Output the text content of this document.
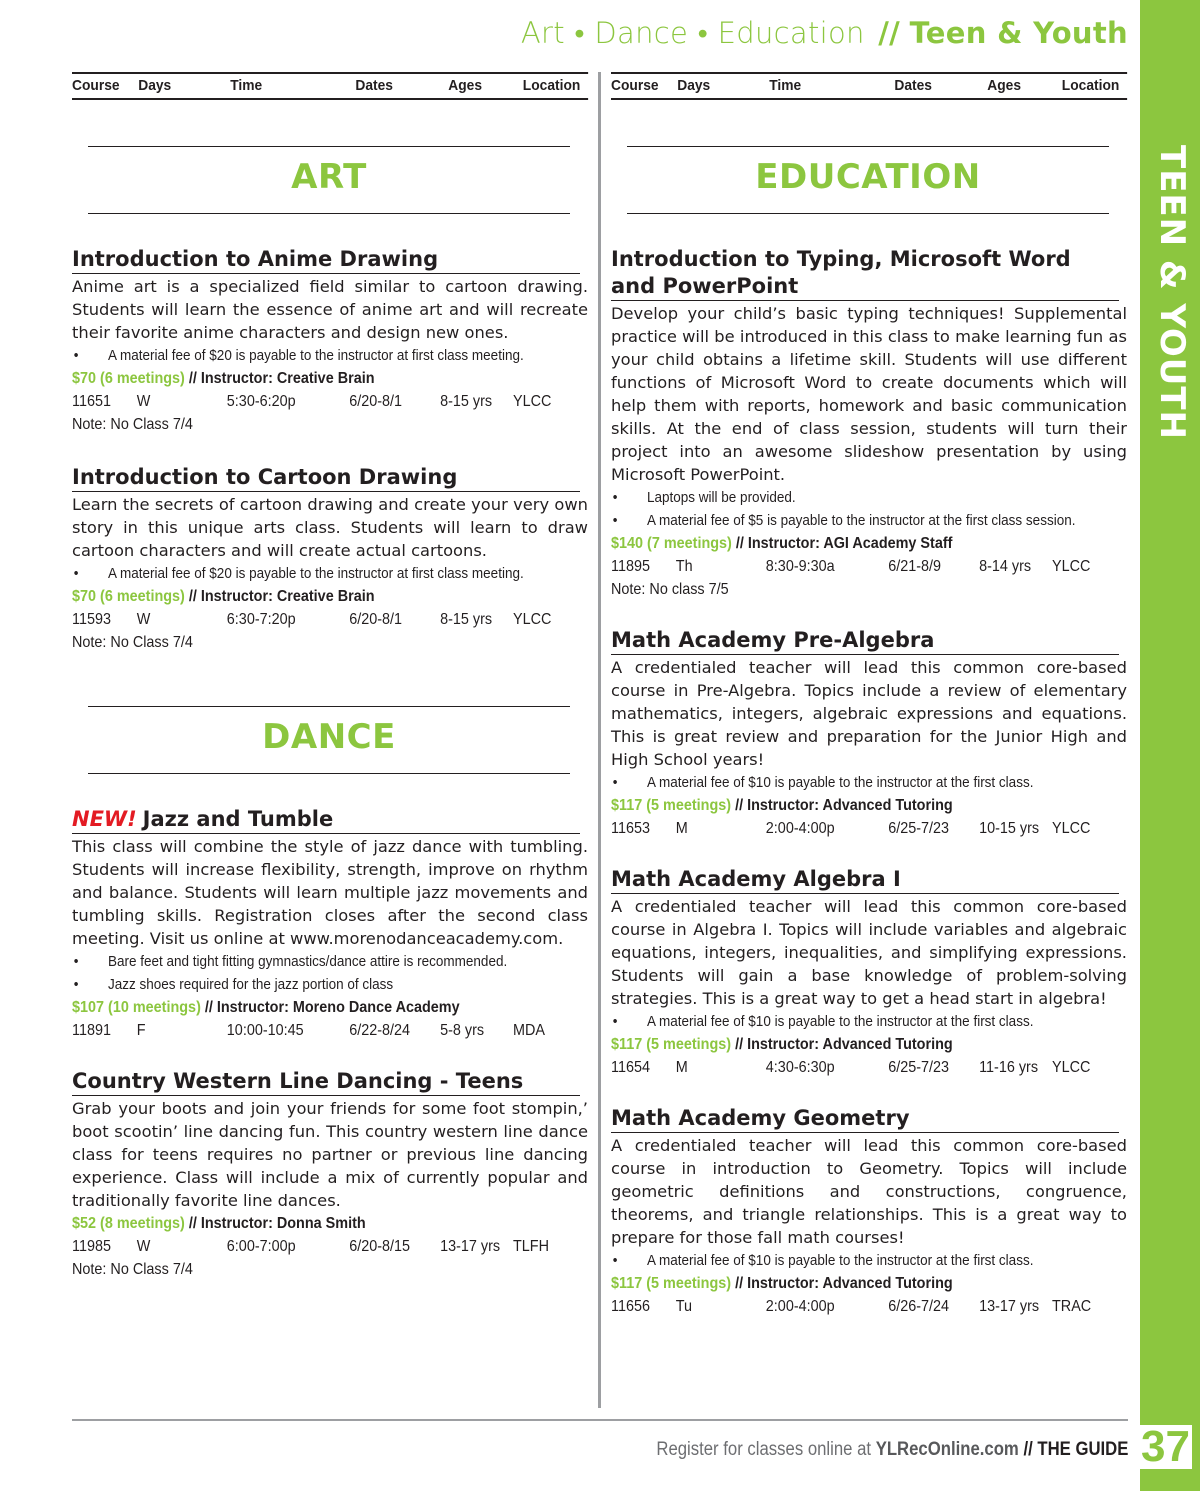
Art • Dance • Education // Teen & Youth
TEEN & YOUTH
37
Course	Days	Time	Dates	Ages	Location
ART
Introduction to Anime Drawing
Anime art is a specialized field similar to cartoon drawing. Students will learn the essence of anime art and will recreate their favorite anime characters and design new ones.
•	A material fee of $20 is payable to the instructor at first class meeting.
$70 (6 meetings) // Instructor: Creative Brain
11651	W	5:30-6:20p	6/20-8/1	8-15 yrs	YLCC
Note: No Class 7/4
Introduction to Cartoon Drawing
Learn the secrets of cartoon drawing and create your very own story in this unique arts class. Students will learn to draw cartoon characters and will create actual cartoons.
•	A material fee of $20 is payable to the instructor at first class meeting.
$70 (6 meetings) // Instructor: Creative Brain
11593	W	6:30-7:20p	6/20-8/1	8-15 yrs	YLCC
Note: No Class 7/4
DANCE
NEW! Jazz and Tumble
This class will combine the style of jazz dance with tumbling. Students will increase flexibility, strength, improve on rhythm and balance. Students will learn multiple jazz movements and tumbling skills. Registration closes after the second class meeting. Visit us online at www.morenodanceacademy.com.
•	Bare feet and tight fitting gymnastics/dance attire is recommended.
•	Jazz shoes required for the jazz portion of class
$107 (10 meetings) // Instructor: Moreno Dance Academy
11891	F	10:00-10:45	6/22-8/24	5-8 yrs	MDA
Country Western Line Dancing - Teens
Grab your boots and join your friends for some foot stompin,’ boot scootin’ line dancing fun. This country western line dance class for teens requires no partner or previous line dancing experience. Class will include a mix of currently popular and traditionally favorite line dances.
$52 (8 meetings) // Instructor: Donna Smith
11985	W	6:00-7:00p	6/20-8/15	13-17 yrs TLFH
Note: No Class 7/4
Course	Days	Time	Dates	Ages	Location
EDUCATION
Introduction to Typing, Microsoft Word
and PowerPoint
Develop your child’s basic typing techniques! Supplemental practice will be introduced in this class to make learning fun as your child obtains a lifetime skill. Students will use different functions of Microsoft Word to create documents which will help them with reports, homework and basic communication skills. At the end of class session, students will turn their project into an awesome slideshow presentation by using Microsoft PowerPoint.
•	Laptops will be provided.
•	A material fee of $5 is payable to the instructor at the first class session.
$140 (7 meetings) // Instructor: AGI Academy Staff
11895	Th	8:30-9:30a	6/21-8/9	8-14 yrs	YLCC
Note: No class 7/5
Math Academy Pre-Algebra
A credentialed teacher will lead this common core-based course in Pre-Algebra. Topics include a review of elementary mathematics, integers, algebraic expressions and equations. This is great review and preparation for the Junior High and High School years!
•	A material fee of $10 is payable to the instructor at the first class.
$117 (5 meetings) // Instructor: Advanced Tutoring
11653	M	2:00-4:00p	6/25-7/23	10-15 yrs YLCC
Math Academy Algebra I
A credentialed teacher will lead this common core-based course in Algebra I. Topics will include variables and algebraic equations, integers, inequalities, and simplifying expressions. Students will gain a base knowledge of problem-solving strategies. This is a great way to get a head start in algebra!
•	A material fee of $10 is payable to the instructor at the first class.
$117 (5 meetings) // Instructor: Advanced Tutoring
11654	M	4:30-6:30p	6/25-7/23	11-16 yrs YLCC
Math Academy Geometry
A credentialed teacher will lead this common core-based course in introduction to Geometry. Topics will include geometric definitions and constructions, congruence, theorems, and triangle relationships. This is a great way to prepare for those fall math courses!
•	A material fee of $10 is payable to the instructor at the first class.
$117 (5 meetings) // Instructor: Advanced Tutoring
11656	Tu	2:00-4:00p	6/26-7/24	13-17 yrs TRAC
Register for classes online at YLRecOnline.com // THE GUIDE
